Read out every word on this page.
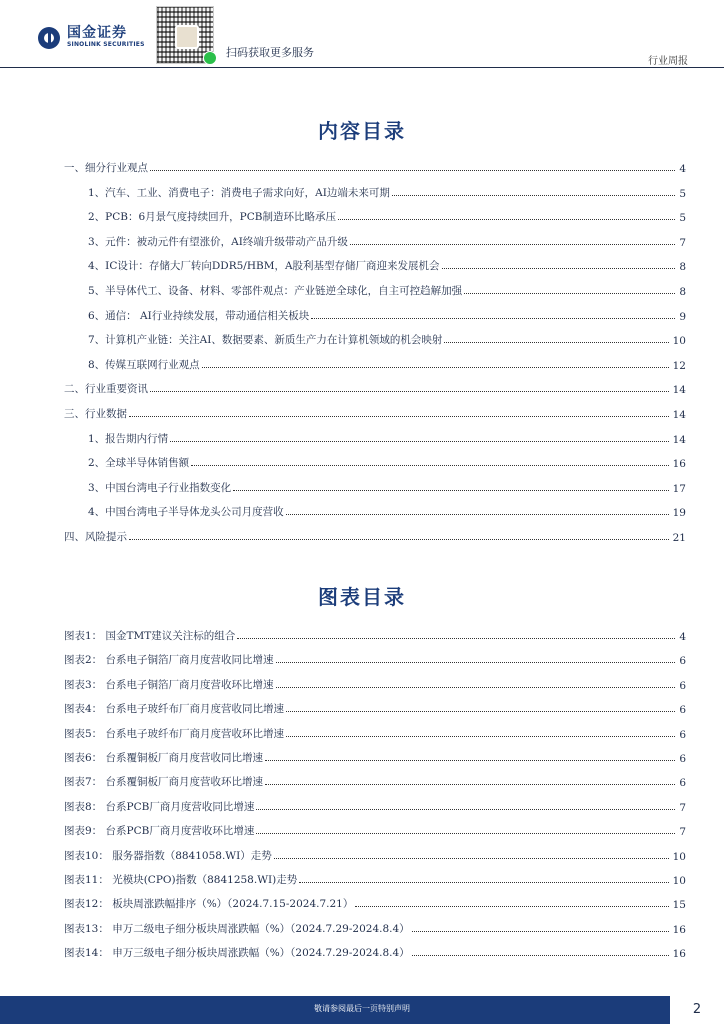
国金证券
SINOLINK SECURITIES
扫码获取更多服务
行业周报
内容目录
一、细分行业观点	4
1、汽车、工业、消费电子：消费电子需求向好，AI边端未来可期	5
2、PCB：6月景气度持续回升，PCB制造环比略承压	5
3、元件：被动元件有望涨价，AI终端升级带动产品升级	7
4、IC设计：存储大厂转向DDR5/HBM，A股利基型存储厂商迎来发展机会	8
5、半导体代工、设备、材料、零部件观点：产业链逆全球化，自主可控趋解加强	8
6、通信： AI行业持续发展，带动通信相关板块	9
7、计算机产业链：关注AI、数据要素、新质生产力在计算机领域的机会映射	10
8、传媒互联网行业观点	12
二、行业重要资讯	14
三、行业数据	14
1、报告期内行情	14
2、全球半导体销售额	16
3、中国台湾电子行业指数变化	17
4、中国台湾电子半导体龙头公司月度营收	19
四、风险提示	21
图表目录
图表1： 国金TMT建议关注标的组合	4
图表2： 台系电子铜箔厂商月度营收同比增速	6
图表3： 台系电子铜箔厂商月度营收环比增速	6
图表4： 台系电子玻纤布厂商月度营收同比增速	6
图表5： 台系电子玻纤布厂商月度营收环比增速	6
图表6： 台系覆铜板厂商月度营收同比增速	6
图表7： 台系覆铜板厂商月度营收环比增速	6
图表8： 台系PCB厂商月度营收同比增速	7
图表9： 台系PCB厂商月度营收环比增速	7
图表10： 服务器指数（8841058.WI）走势	10
图表11： 光模块(CPO)指数（8841258.WI)走势	10
图表12： 板块周涨跌幅排序（%）（2024.7.15-2024.7.21）	15
图表13： 申万二级电子细分板块周涨跌幅（%）（2024.7.29-2024.8.4）	16
图表14： 申万三级电子细分板块周涨跌幅（%）（2024.7.29-2024.8.4）	16
敬请参阅最后一页特别声明	2
